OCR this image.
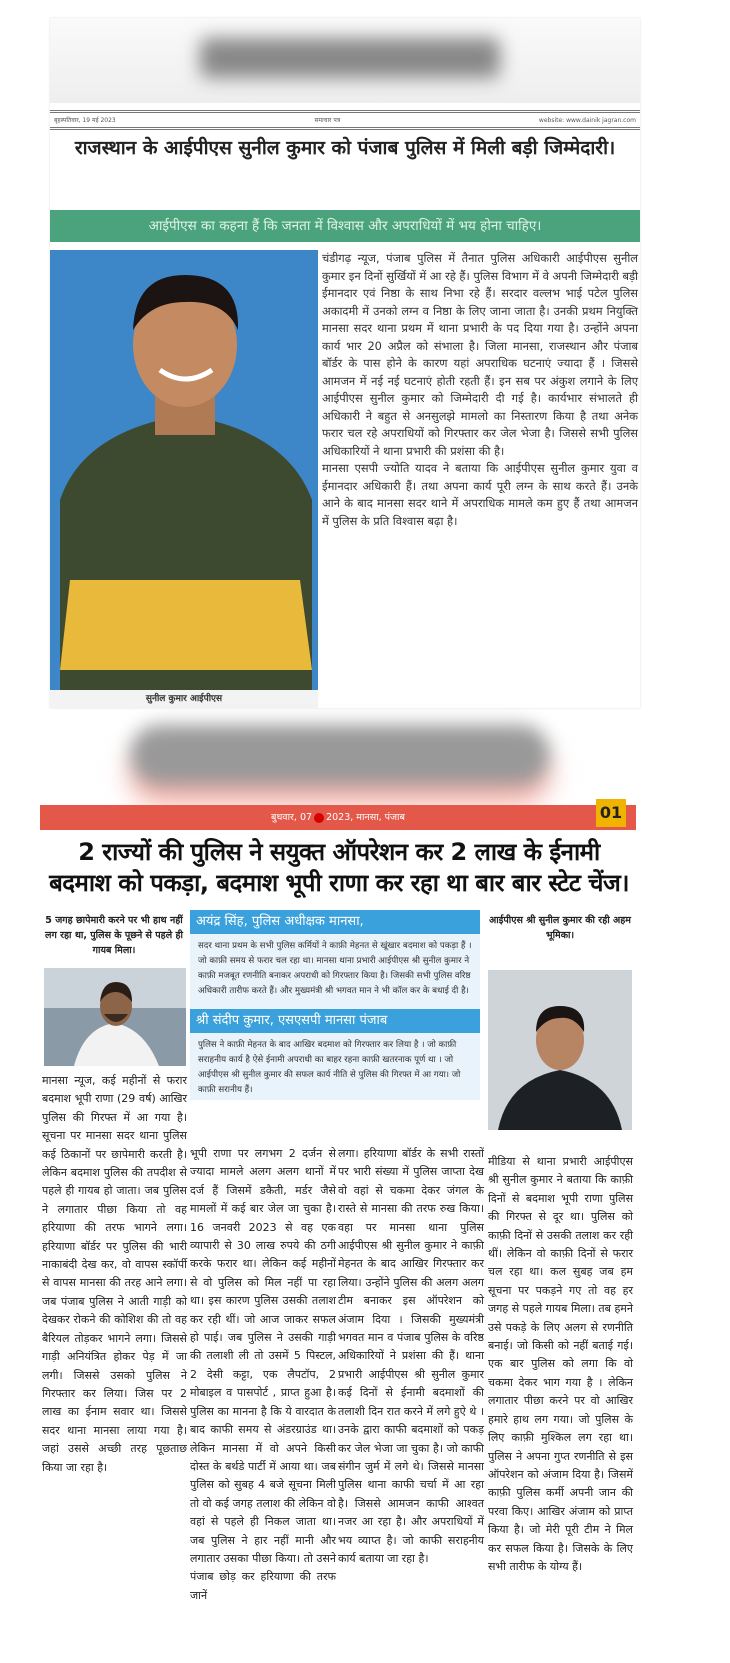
बृहस्पतिवार, 19 मई 2023	समाचार पत्र	website: www.dainik jagran.com
राजस्थान के आईपीएस सुनील कुमार को पंजाब पुलिस में मिली बड़ी जिम्मेदारी।
आईपीएस का कहना हैं कि जनता में विश्वास और अपराधियों में भय होना चाहिए।
सुनील कुमार आईपीएस

चंडीगढ़ न्यूज, पंजाब पुलिस में तैनात पुलिस अधिकारी आईपीएस सुनील कुमार इन दिनों सुर्खियों में आ रहे हैं। पुलिस विभाग में वे अपनी जिम्मेदारी बड़ी ईमानदार एवं निष्ठा के साथ निभा रहे हैं। सरदार वल्लभ भाई पटेल पुलिस अकादमी में उनको लग्न व निष्ठा के लिए जाना जाता है। उनकी प्रथम नियुक्ति मानसा सदर थाना प्रथम में थाना प्रभारी के पद दिया गया है। उन्होंने अपना कार्य भार 20 अप्रैल को संभाला है। जिला मानसा, राजस्थान और पंजाब बॉर्डर के पास होने के कारण यहां अपराधिक घटनाएं ज्यादा हैं । जिससे आमजन में नई नई घटनाएं होती रहती हैं। इन सब पर अंकुश लगाने के लिए आईपीएस सुनील कुमार को जिम्मेदारी दी गई है। कार्यभार संभालते ही अधिकारी ने बहुत से अनसुलझे मामलो का निस्तारण किया है तथा अनेक फरार चल रहे अपराधियों को गिरफ्तार कर जेल भेजा है। जिससे सभी पुलिस अधिकारियों ने थाना प्रभारी की प्रशंसा की है।

मानसा एसपी ज्योति यादव ने बताया कि आईपीएस सुनील कुमार युवा व ईमानदार अधिकारी हैं। तथा अपना कार्य पूरी लग्न के साथ करते हैं। उनके आने के बाद मानसा सदर थाने में अपराधिक मामले कम हुए हैं तथा आमजन में पुलिस के प्रति विश्वास बढ़ा है।

बुधवार, 07 2023, मानसा, पंजाब	01
2 राज्यों की पुलिस ने सयुक्त ऑपरेशन कर 2 लाख के ईनामी बदमाश को पकड़ा, बदमाश भूपी राणा कर रहा था बार बार स्टेट चेंज।
5 जगह छापेमारी करने पर भी हाथ नहीं लग रहा था, पुलिस के पूछने से पहले ही गायब मिला।
मानसा न्यूज, कई महीनों से फरार बदमाश भूपी राणा (29 वर्ष) आखिर पुलिस की गिरफ्त में आ गया है। सूचना पर मानसा सदर थाना पुलिस कई ठिकानों पर छापेमारी करती है। लेकिन बदमाश पुलिस की तपदीश से पहले ही गायब हो जाता। जब पुलिस ने लगातार पीछा किया तो वह हरियाणा की तरफ भागने लगा। हरियाणा बॉर्डर पर पुलिस की भारी नाकाबंदी देख कर, वो वापस स्कॉर्पी से वापस मानसा की तरह आने लगा। जब पंजाब पुलिस ने आती गाड़ी को देखकर रोकने की कोशिश की तो वह बैरियल तोड़कर भागने लगा। जिससे गाड़ी अनियंत्रित होकर पेड़ में जा लगी। जिससे उसको पुलिस ने गिरफ्तार कर लिया। जिस पर 2 लाख का ईनाम सवार था। जिससे सदर थाना मानसा लाया गया है। जहां उससे अच्छी तरह पूछताछ किया जा रहा है।
अयंद्र सिंह, पुलिस अधीक्षक मानसा,
सदर थाना प्रथम के सभी पुलिस कर्मियों ने काफ़ी मेहनत से खूंखार बदमाश को पकड़ा हैं । जो काफ़ी समय से फरार चल रहा था। मानसा थाना प्रभारी आईपीएस श्री सुनील कुमार ने काफ़ी मजबूत रणनीति बनाकर अपराधी को गिरफ्तार किया है। जिसकी सभी पुलिस वरिष्ठ अधिकारी तारीफ करते हैं। और मुख्यमंत्री श्री भगवत मान ने भी कॉल कर के बधाई दी है।
श्री संदीप कुमार, एसएसपी मानसा पंजाब
पुलिस ने काफ़ी मेहनत के बाद आखिर बदमाश को गिरफ्तार कर लिया है । जो काफ़ी सराहनीय कार्य है ऐसे ईनामी अपराधी का बाहर रहना काफ़ी खतरनाक पूर्ण था । जो आईपीएस श्री सुनील कुमार की सफल कार्य नीति से पुलिस की गिरफ्त में आ गया। जो काफ़ी सरानीय हैं।
आईपीएस श्री सुनील कुमार की रही अहम भूमिका।
भूपी राणा पर लगभग 2 दर्जन से ज्यादा मामले अलग अलग थानों में दर्ज हैं जिसमें डकैती, मर्डर जैसे मामलों में कई बार जेल जा चुका है। 16 जनवरी 2023 से वह एक व्यापारी से 30 लाख रुपये की ठगी करके फरार था। लेकिन कई महीनों से वो पुलिस को मिल नहीं पा रहा था। इस कारण पुलिस उसकी तलाश कर रही थीं। जो आज जाकर सफल हो पाई। जब पुलिस ने उसकी गाड़ी की तलाशी ली तो उसमें 5 पिस्टल, 2 देसी कट्टा, एक लैपटॉप, 2 मोबाइल व पासपोर्ट , प्राप्त हुआ है। पुलिस का मानना है कि ये वारदात के बाद काफी समय से अंडरग्राउंड था। लेकिन मानसा में वो अपने किसी दोस्त के बर्थडे पार्टी में आया था। जब पुलिस को सुबह 4 बजे सूचना मिली तो वो कई जगह तलाश की लेकिन वो वहां से पहले ही निकल जाता था। जब पुलिस ने हार नहीं मानी और लगातार उसका पीछा किया। तो उसने पंजाब छोड़ कर हरियाणा की तरफ जानें
लगा। हरियाणा बॉर्डर के सभी रास्तों पर भारी संख्या में पुलिस जाप्ता देख वो वहां से चकमा देकर जंगल के रास्ते से मानसा की तरफ रुख किया। वहा पर मानसा थाना पुलिस आईपीएस श्री सुनील कुमार ने काफ़ी मेहनत के बाद आखिर गिरफ्तार कर लिया। उन्होंने पुलिस की अलग अलग टीम बनाकर इस ऑपरेशन को अंजाम दिया । जिसकी मुख्यमंत्री भगवत मान व पंजाब पुलिस के वरिष्ठ अधिकारियों ने प्रशंसा की हैं। थाना प्रभारी आईपीएस श्री सुनील कुमार कई दिनों से ईनामी बदमाशों की तलाशी दिन रात करने में लगे हुऐ थे । उनके द्वारा काफी बदमाशों को पकड़ कर जेल भेजा जा चुका है। जो काफी संगीन जुर्म में लगे थे। जिससे मानसा पुलिस थाना काफी चर्चा में आ रहा है। जिससे आमजन काफी आश्वत नजर आ रहा है। और अपराधियों में भय व्याप्त है। जो काफी सराहनीय कार्य बताया जा रहा है।
मीडिया से थाना प्रभारी आईपीएस श्री सुनील कुमार ने बताया कि काफ़ी दिनों से बदमाश भूपी राणा पुलिस की गिरफ्त से दूर था। पुलिस को काफ़ी दिनों से उसकी तलाश कर रही थीं। लेकिन वो काफ़ी दिनों से फरार चल रहा था। कल सुबह जब हम सूचना पर पकड़ने गए तो वह हर जगह से पहले गायब मिला। तब हमने उसे पकड़े के लिए अलग से रणनीति बनाई। जो किसी को नहीं बताई गई। एक बार पुलिस को लगा कि वो चकमा देकर भाग गया है । लेकिन लगातार पीछा करने पर वो आखिर हमारे हाथ लग गया। जो पुलिस के लिए काफ़ी मुश्किल लग रहा था। पुलिस ने अपना गुप्त रणनीति से इस ऑपरेशन को अंजाम दिया है। जिसमें काफ़ी पुलिस कर्मी अपनी जान की परवा किए। आखिर अंजाम को प्राप्त किया है। जो मेरी पूरी टीम ने मिल कर सफल किया है। जिसके के लिए सभी तारीफ के योग्य हैं।
